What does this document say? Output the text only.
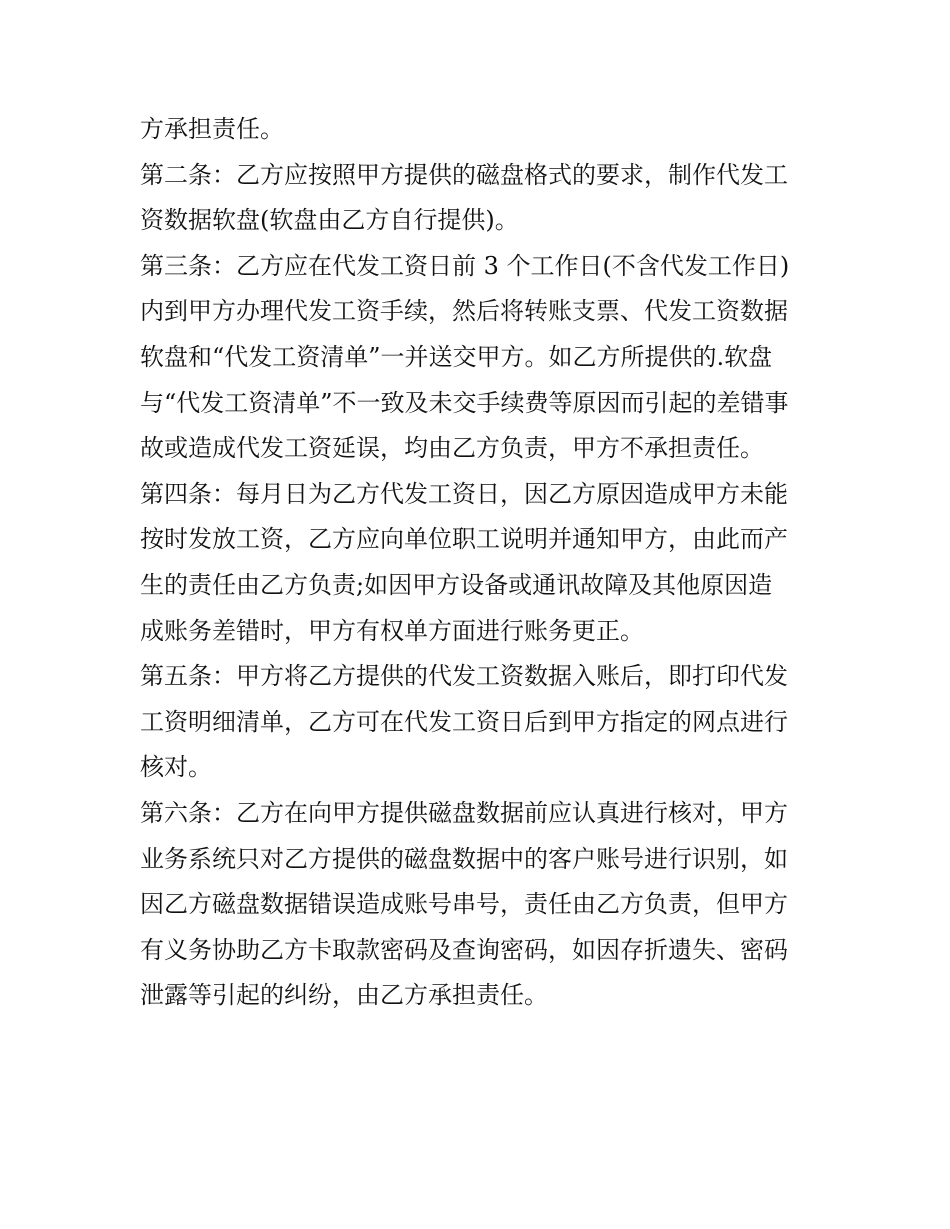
方承担责任。
第二条：乙方应按照甲方提供的磁盘格式的要求，制作代发工
资数据软盘(软盘由乙方自行提供)。
第三条：乙方应在代发工资日前 3 个工作日(不含代发工作日)
内到甲方办理代发工资手续，然后将转账支票、代发工资数据
软盘和“代发工资清单”一并送交甲方。如乙方所提供的.软盘
与“代发工资清单”不一致及未交手续费等原因而引起的差错事
故或造成代发工资延误，均由乙方负责，甲方不承担责任。
第四条：每月日为乙方代发工资日，因乙方原因造成甲方未能
按时发放工资，乙方应向单位职工说明并通知甲方，由此而产
生的责任由乙方负责;如因甲方设备或通讯故障及其他原因造
成账务差错时，甲方有权单方面进行账务更正。
第五条：甲方将乙方提供的代发工资数据入账后，即打印代发
工资明细清单，乙方可在代发工资日后到甲方指定的网点进行
核对。
第六条：乙方在向甲方提供磁盘数据前应认真进行核对，甲方
业务系统只对乙方提供的磁盘数据中的客户账号进行识别，如
因乙方磁盘数据错误造成账号串号，责任由乙方负责，但甲方
有义务协助乙方卡取款密码及查询密码，如因存折遗失、密码
泄露等引起的纠纷，由乙方承担责任。
